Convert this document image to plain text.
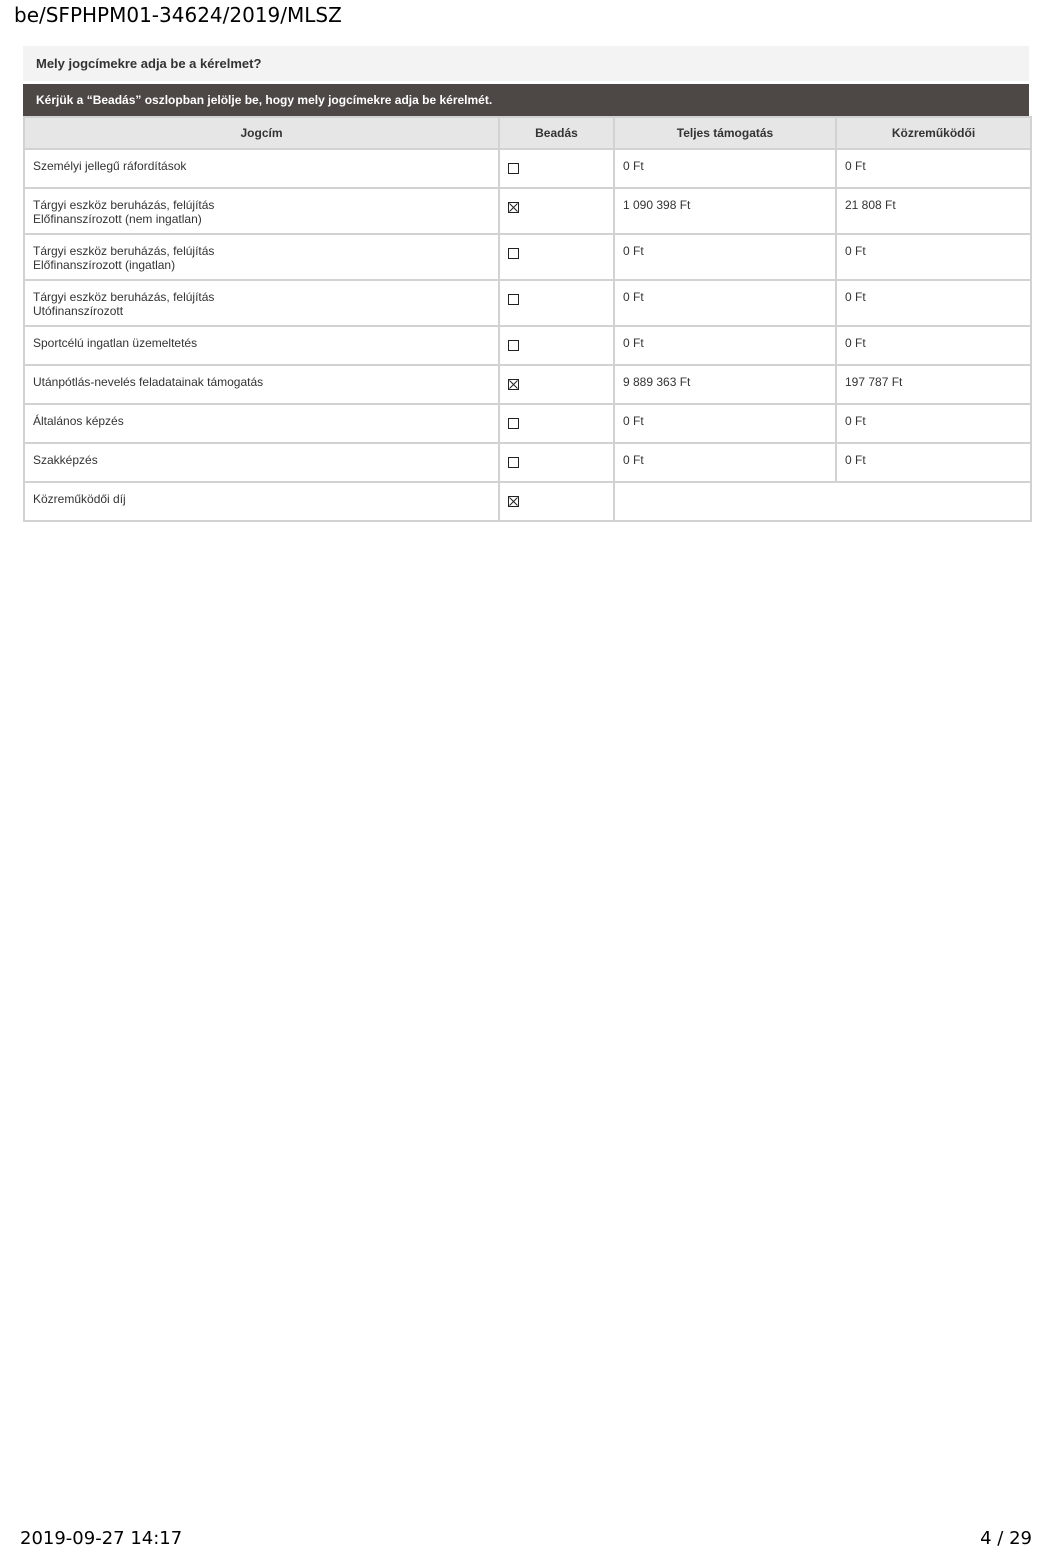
be/SFPHPM01-34624/2019/MLSZ
Mely jogcímekre adja be a kérelmet?
Kérjük a “Beadás” oszlopban jelölje be, hogy mely jogcímekre adja be kérelmét.
Jogcím	Beadás	Teljes támogatás	Közreműködői

Személyi jellegű ráfordítások		0 Ft	0 Ft

Tárgyi eszköz beruházás, felújítás
Előfinanszírozott (nem ingatlan)		1 090 398 Ft	21 808 Ft

Tárgyi eszköz beruházás, felújítás
Előfinanszírozott (ingatlan)		0 Ft	0 Ft

Tárgyi eszköz beruházás, felújítás
Utófinanszírozott		0 Ft	0 Ft

Sportcélú ingatlan üzemeltetés		0 Ft	0 Ft

Utánpótlás-nevelés feladatainak támogatás		9 889 363 Ft	197 787 Ft

Általános képzés		0 Ft	0 Ft

Szakképzés		0 Ft	0 Ft

Közreműködői díj

2019-09-27 14:17	4 / 29
